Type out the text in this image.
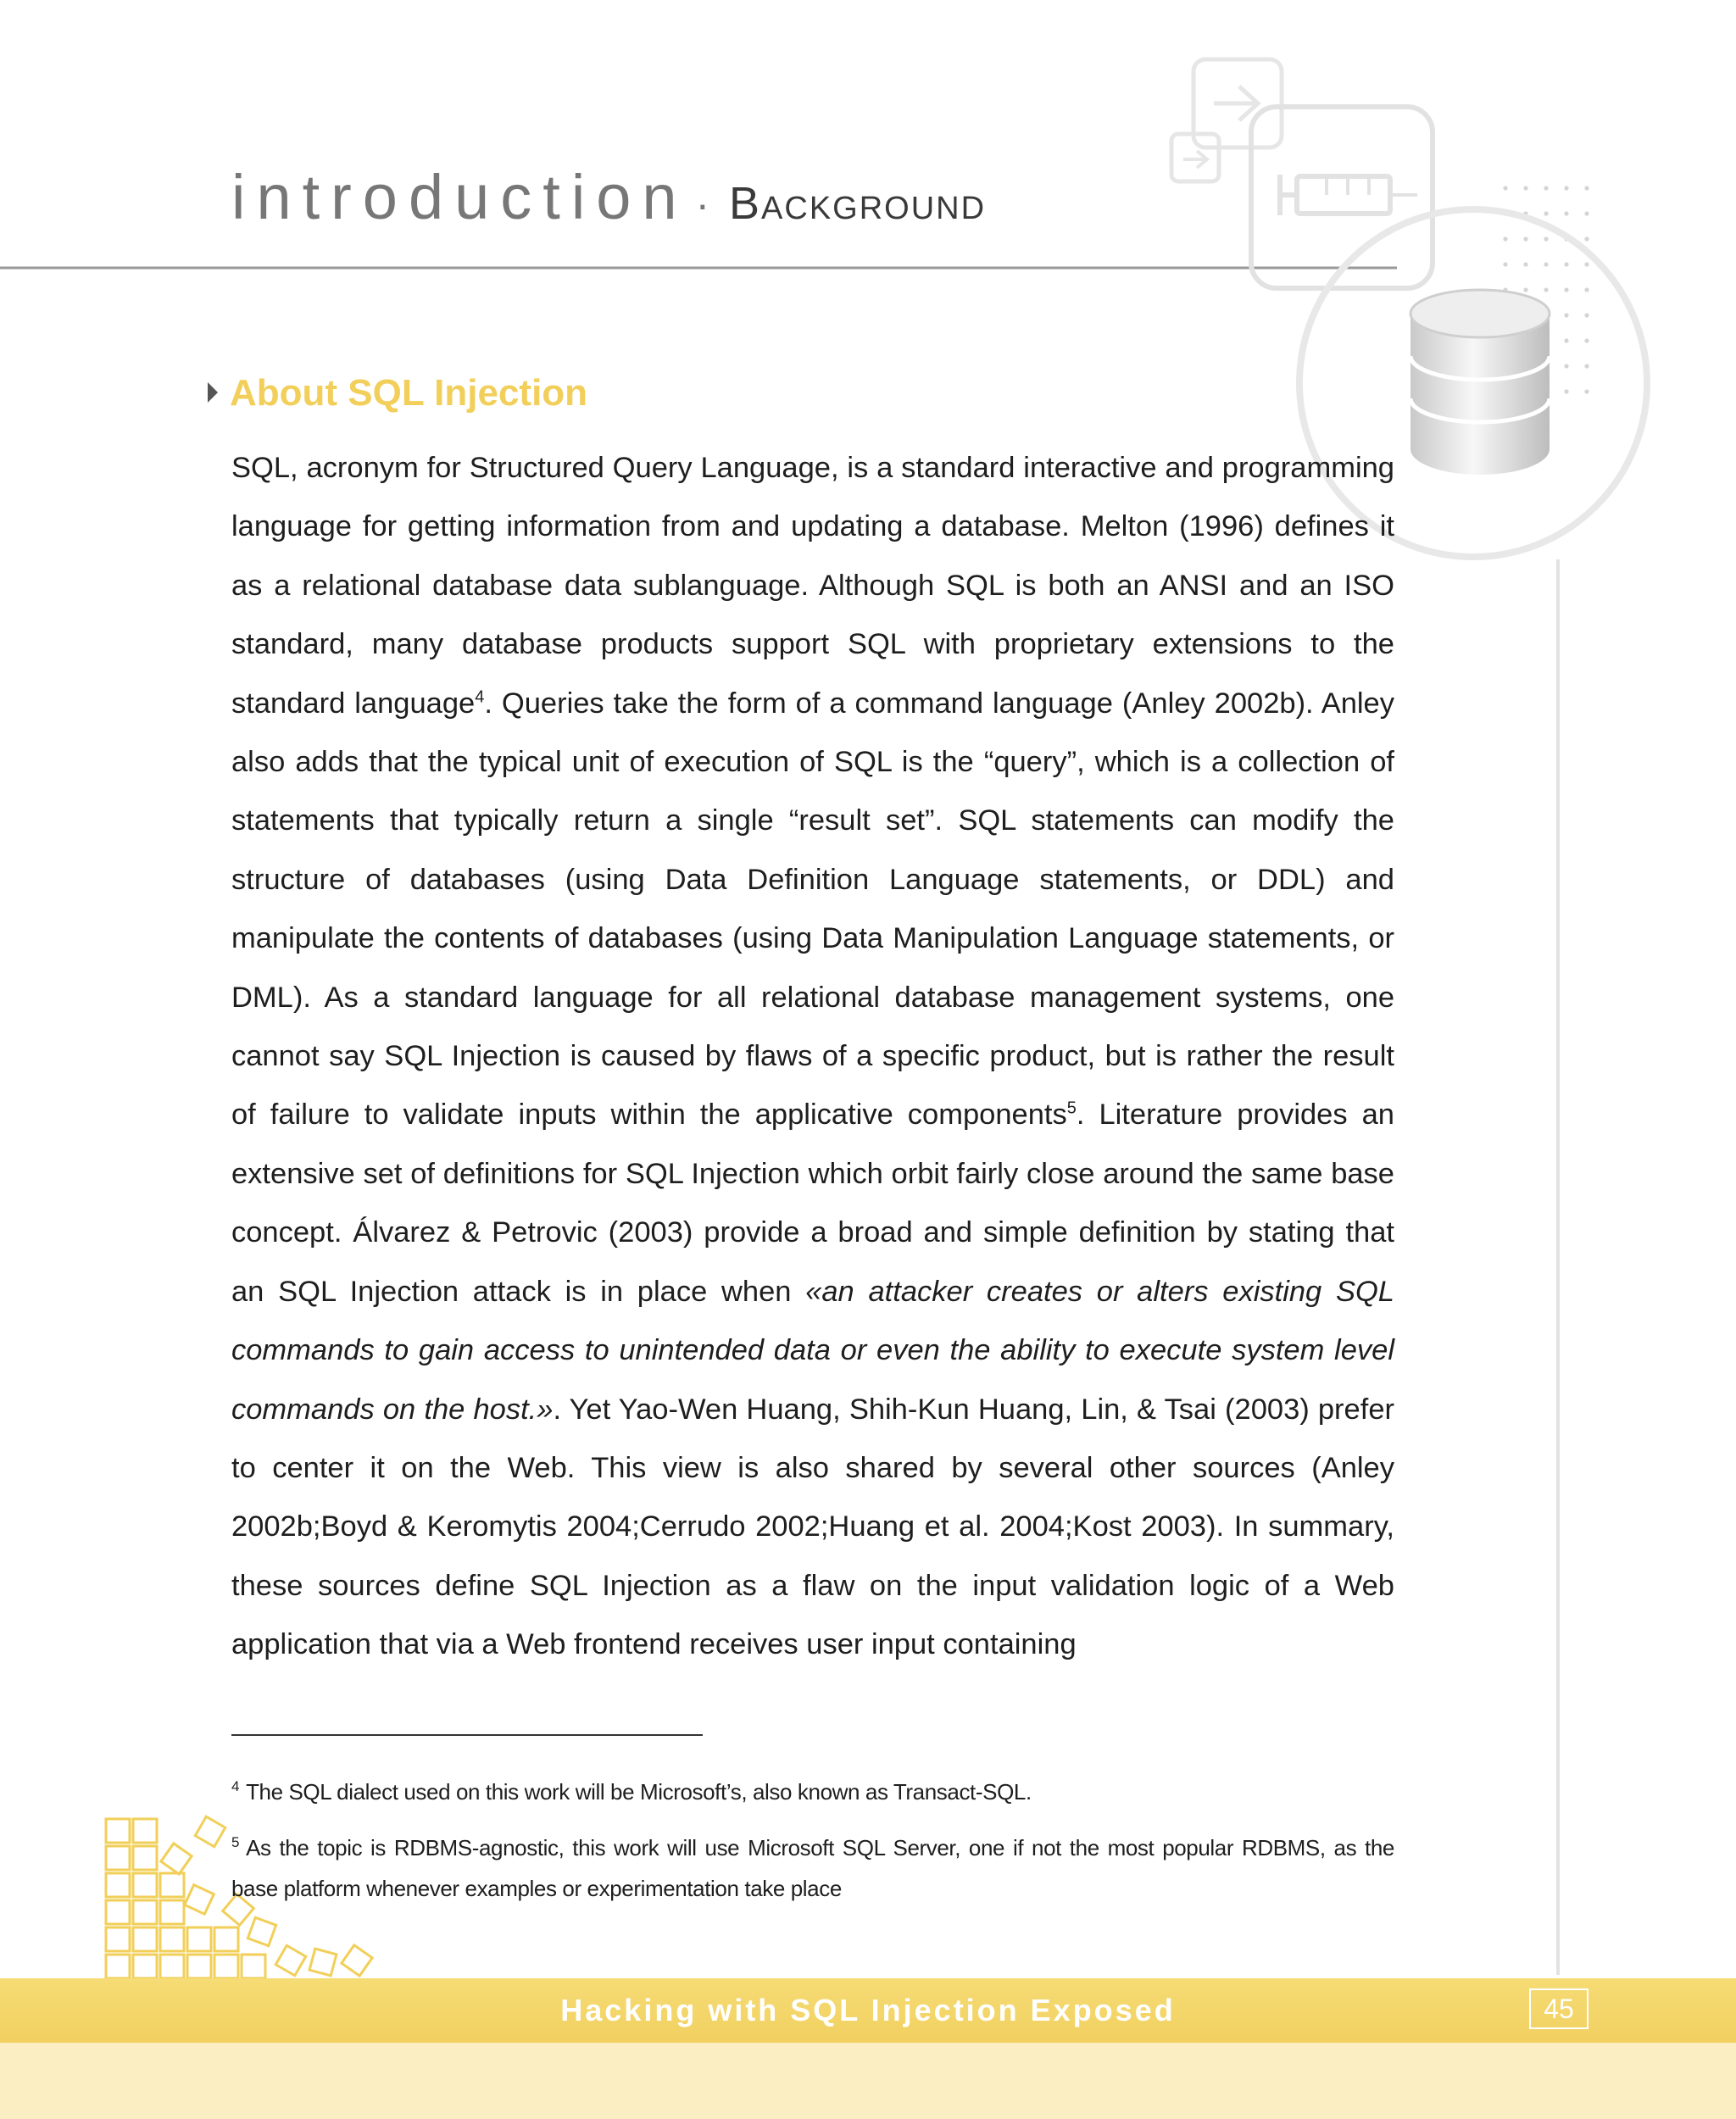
introduction · Background
About SQL Injection

SQL, acronym for Structured Query Language, is a standard interactive and programming language for getting information from and updating a database. Melton (1996) defines it as a relational database data sublanguage. Although SQL is both an ANSI and an ISO standard, many database products support SQL with proprietary extensions to the standard language$^4$. Queries take the form of a command language (Anley 2002b). Anley also adds that the typical unit of execution of SQL is the “query”, which is a collection of statements that typically return a single “result set”. SQL statements can modify the structure of databases (using Data Definition Language statements, or DDL) and manipulate the contents of databases (using Data Manipulation Language statements, or DML). As a standard language for all relational database management systems, one cannot say SQL Injection is caused by flaws of a specific product, but is rather the result of failure to validate inputs within the applicative components$^5$. Literature provides an extensive set of definitions for SQL Injection which orbit fairly close around the same base concept. Álvarez & Petrovic (2003) provide a broad and simple definition by stating that an SQL Injection attack is in place when «an attacker creates or alters existing SQL commands to gain access to unintended data or even the ability to execute system level commands on the host.». Yet Yao-Wen Huang, Shih-Kun Huang, Lin, & Tsai (2003) prefer to center it on the Web. This view is also shared by several other sources (Anley 2002b;Boyd & Keromytis 2004;Cerrudo 2002;Huang et al. 2004;Kost 2003). In summary, these sources define SQL Injection as a flaw on the input validation logic of a Web application that via a Web frontend receives user input containing

$^4$ The SQL dialect used on this work will be Microsoft’s, also known as Transact-SQL.

$^5$ As the topic is RDBMS-agnostic, this work will use Microsoft SQL Server, one if not the most popular RDBMS, as the base platform whenever examples or experimentation take place

Hacking with SQL Injection Exposed	45
